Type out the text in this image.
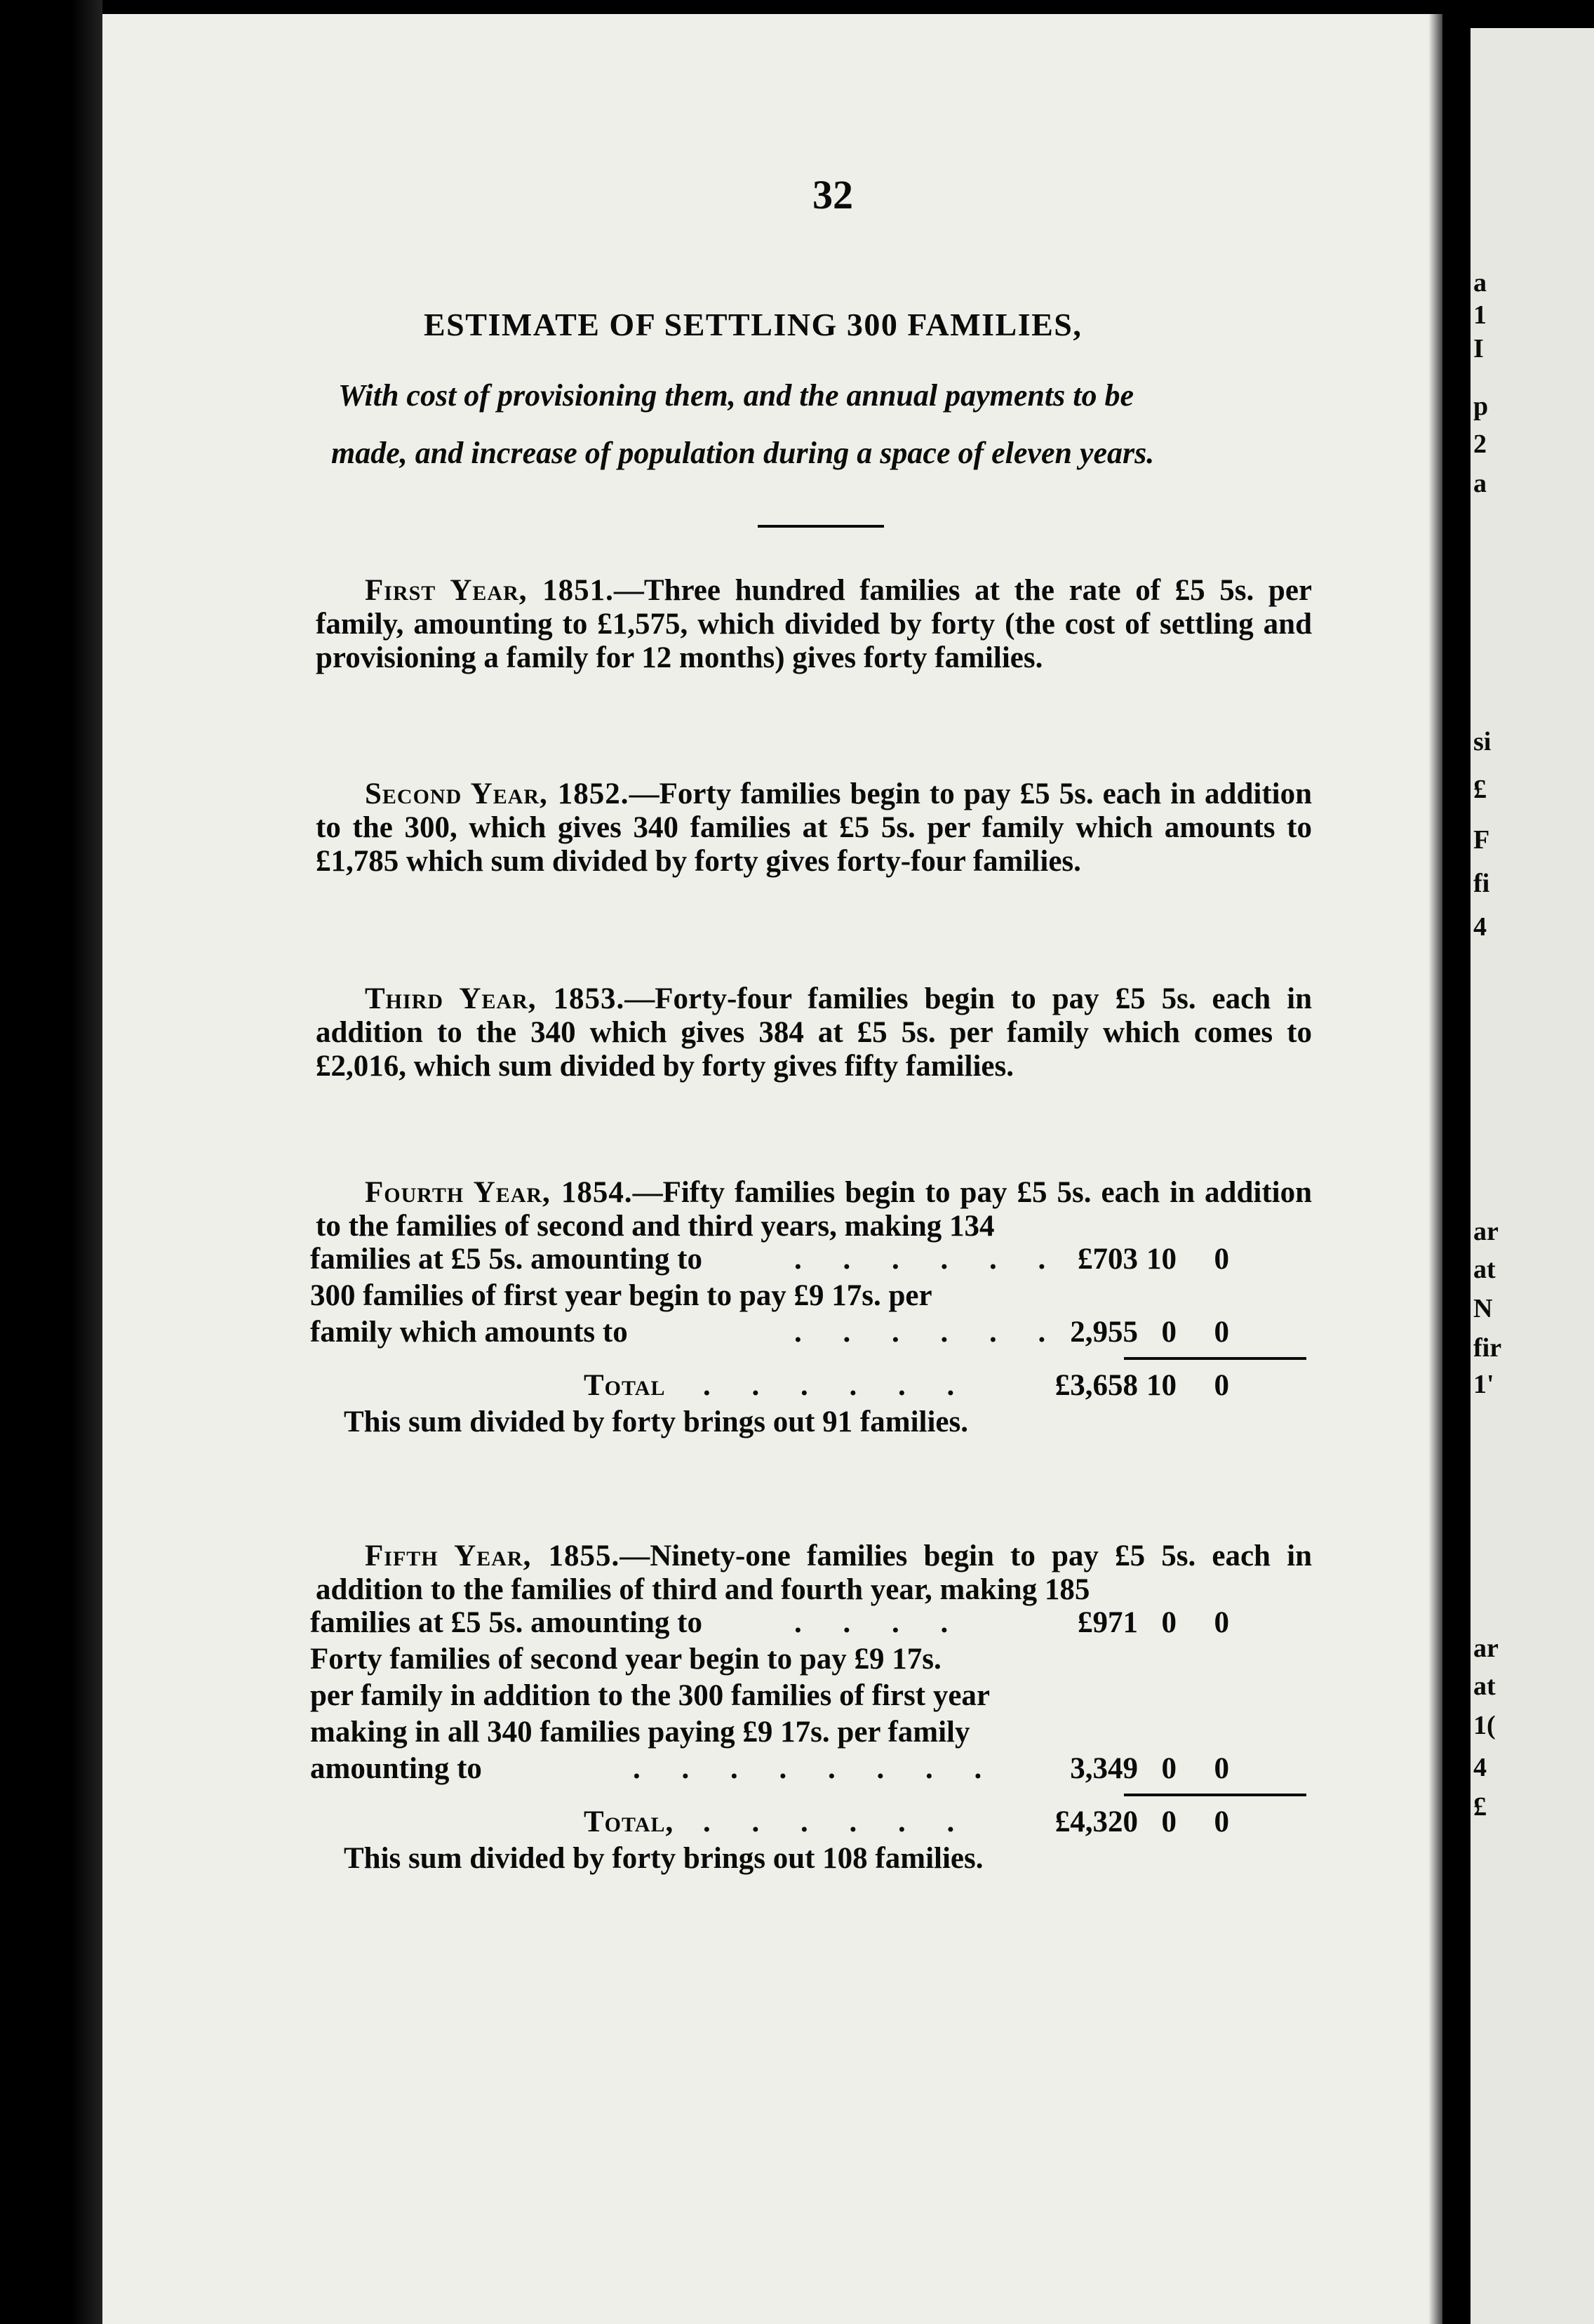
a
1
I
p
2
a
si
£
F
fi
4
ar
at
N
fir
1'
ar
at
1(
4
£
32
ESTIMATE OF SETTLING 300 FAMILIES,
With cost of provisioning them, and the annual payments to be
made, and increase of population during a space of eleven years.
First Year, 1851.—Three hundred families at the rate of £5 5s. per family, amounting to £1,575, which divided by forty (the cost of settling and provisioning a family for 12 months) gives forty families.
Second Year, 1852.—Forty families begin to pay £5 5s. each in addition to the 300, which gives 340 families at £5 5s. per family which amounts to £1,785 which sum divided by forty gives forty-four families.
Third Year, 1853.—Forty-four families begin to pay £5 5s. each in addition to the 340 which gives 384 at £5 5s. per family which comes to £2,016, which sum divided by forty gives fifty families.
Fourth Year, 1854.—Fifty families begin to pay £5 5s. each in addition to the families of second and third years, making 134
families at £5 5s. amounting to	. . . . . . £703 10	0
300 families of first year begin to pay £9 17s. per
family which amounts to	. . . . . . 2,955 0	0
Total . . . . . .	£3,658 10	0
This sum divided by forty brings out 91 families.
Fifth Year, 1855.—Ninety-one families begin to pay £5 5s. each in addition to the families of third and fourth year, making 185
families at £5 5s. amounting to	. . . .	£971 0	0
Forty families of second year begin to pay £9 17s.
per family in addition to the 300 families of first year
making in all 340 families paying £9 17s. per family
amounting to	. . . . . . . . 3,349 0	0
Total, . . . . . .	£4,320 0	0
This sum divided by forty brings out 108 families.
